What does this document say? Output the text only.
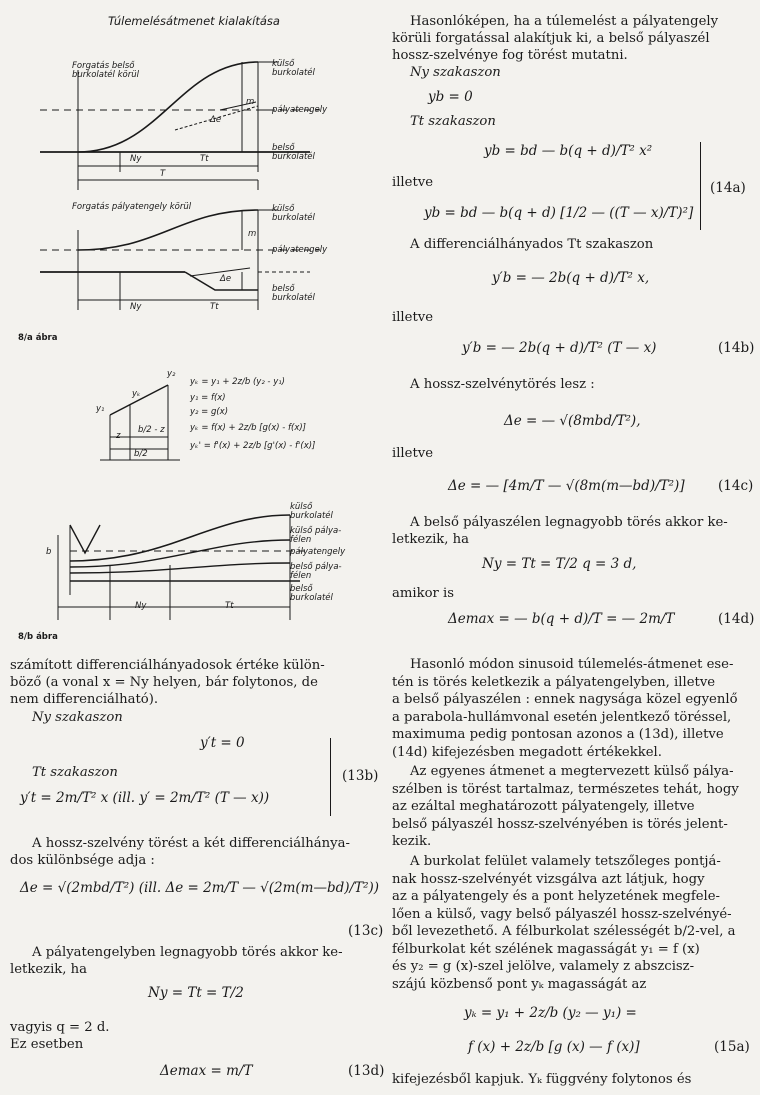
Túlemelésátmenet kialakítása
Forgatás belső burkolatél körül
külső burkolatél
pályatengely
belső burkolatél
m
Δe
Ny	Tt
T
Forgatás pályatengely körül	külső burkolatél
pályatengely
belső burkolatél
m
Δe
Ny	Tt
8/a ábra
y₂
y₁
yₖ
z
b/2 - z
b/2
yₖ = y₁ + 2z/b (y₂ - y₁)
y₁ = f(x)
y₂ = g(x)
yₖ = f(x) + 2z/b [g(x) - f(x)]
yₖ' = f'(x) + 2z/b [g'(x) - f'(x)]
külső burkolatél
külső pálya-félen
pályatengely
belső pálya-félen
belső burkolatél
b
Ny	Tt
8/b ábra
számított differenciálhányadosok értéke külön-
böző (a vonal x = Ny helyen, bár folytonos, de
nem differenciálható).
Ny szakaszon
y′t = 0
Tt szakaszon
y′t = 2m/T² x (ill. y′ = 2m/T² (T — x))
(13b)
A hossz-szelvény törést a két differenciálhánya-
dos különbsége adja :
Δe = √(2mbd/T²) (ill. Δe = 2m/T — √(2m(m—bd)/T²))
(13c)
A pályatengelyben legnagyobb törés akkor ke-
letkezik, ha
Ny = Tt = T/2
vagyis q = 2 d.
Ez esetben
Δemax = m/T	(13d)
Hasonlóképen, ha a túlemelést a pályatengely
körüli forgatással alakítjuk ki, a belső pályaszél
hossz-szelvénye fog törést mutatni.
Ny szakaszon
yb = 0
Tt szakaszon
yb = bd — b(q + d)/T² x²
illetve
yb = bd — b(q + d) [1/2 — ((T — x)/T)²]
(14a)
A differenciálhányados Tt szakaszon
y′b = — 2b(q + d)/T² x,
illetve
y′b = — 2b(q + d)/T² (T — x)	(14b)
A hossz-szelvénytörés lesz :
Δe = — √(8mbd/T²),
illetve
Δe = — [4m/T — √(8m(m—bd)/T²)] (14c)
A belső pályaszélen legnagyobb törés akkor ke-
letkezik, ha
Ny = Tt = T/2 q = 3 d,
amikor is
Δemax = — b(q + d)/T = — 2m/T	(14d)
Hasonló módon sinusoid túlemelés-átmenet ese-
tén is törés keletkezik a pályatengelyben, illetve
a belső pályaszélen : ennek nagysága közel egyenlő
a parabola-hullámvonal esetén jelentkező töréssel,
maximuma pedig pontosan azonos a (13d), illetve
(14d) kifejezésben megadott értékekkel.
Az egyenes átmenet a megtervezett külső pálya-
szélben is törést tartalmaz, természetes tehát, hogy
az ezáltal meghatározott pályatengely, illetve
belső pályaszél hossz-szelvényében is törés jelent-
kezik.
A burkolat felület valamely tetszőleges pontjá-
nak hossz-szelvényét vizsgálva azt látjuk, hogy
az a pályatengely és a pont helyzetének megfele-
lően a külső, vagy belső pályaszél hossz-szelvényé-
ből levezethető. A félburkolat szélességét b/2-vel, a
félburkolat két szélének magasságát y₁ = f (x)
és y₂ = g (x)-szel jelölve, valamely z abszcisz-
szájú közbenső pont yₖ magasságát az
yₖ = y₁ + 2z/b (y₂ — y₁) =
f (x) + 2z/b [g (x) — f (x)]	(15a)
kifejezésből kapjuk. Yₖ függvény folytonos és
